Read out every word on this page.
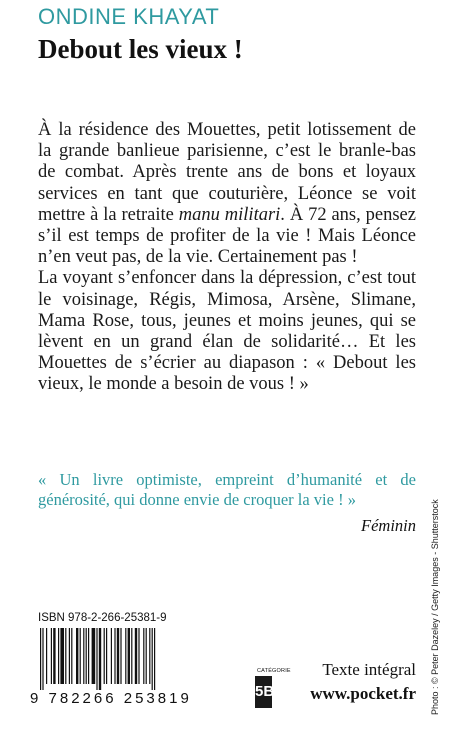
ONDINE KHAYAT
Debout les vieux !

À la résidence des Mouettes, petit lotissement de la grande banlieue parisienne, c’est le branle-bas de combat. Après trente ans de bons et loyaux services en tant que couturière, Léonce se voit mettre à la retraite manu militari. À 72 ans, pensez s’il est temps de profiter de la vie ! Mais Léonce n’en veut pas, de la vie. Certainement pas !

La voyant s’enfoncer dans la dépression, c’est tout le voisinage, Régis, Mimosa, Arsène, Slimane, Mama Rose, tous, jeunes et moins jeunes, qui se lèvent en un grand élan de solidarité… Et les Mouettes de s’écrier au diapason : « Debout les vieux, le monde a besoin de vous ! »

« Un livre optimiste, empreint d’humanité et de générosité, qui donne envie de croquer la vie ! »
Féminin Photo : © Peter Dazeley / Getty Images - Shutterstock
ISBN 978-2-266-25381-9
9 782266 253819
CATÉGORIE
5B
Texte intégral
www.pocket.fr
